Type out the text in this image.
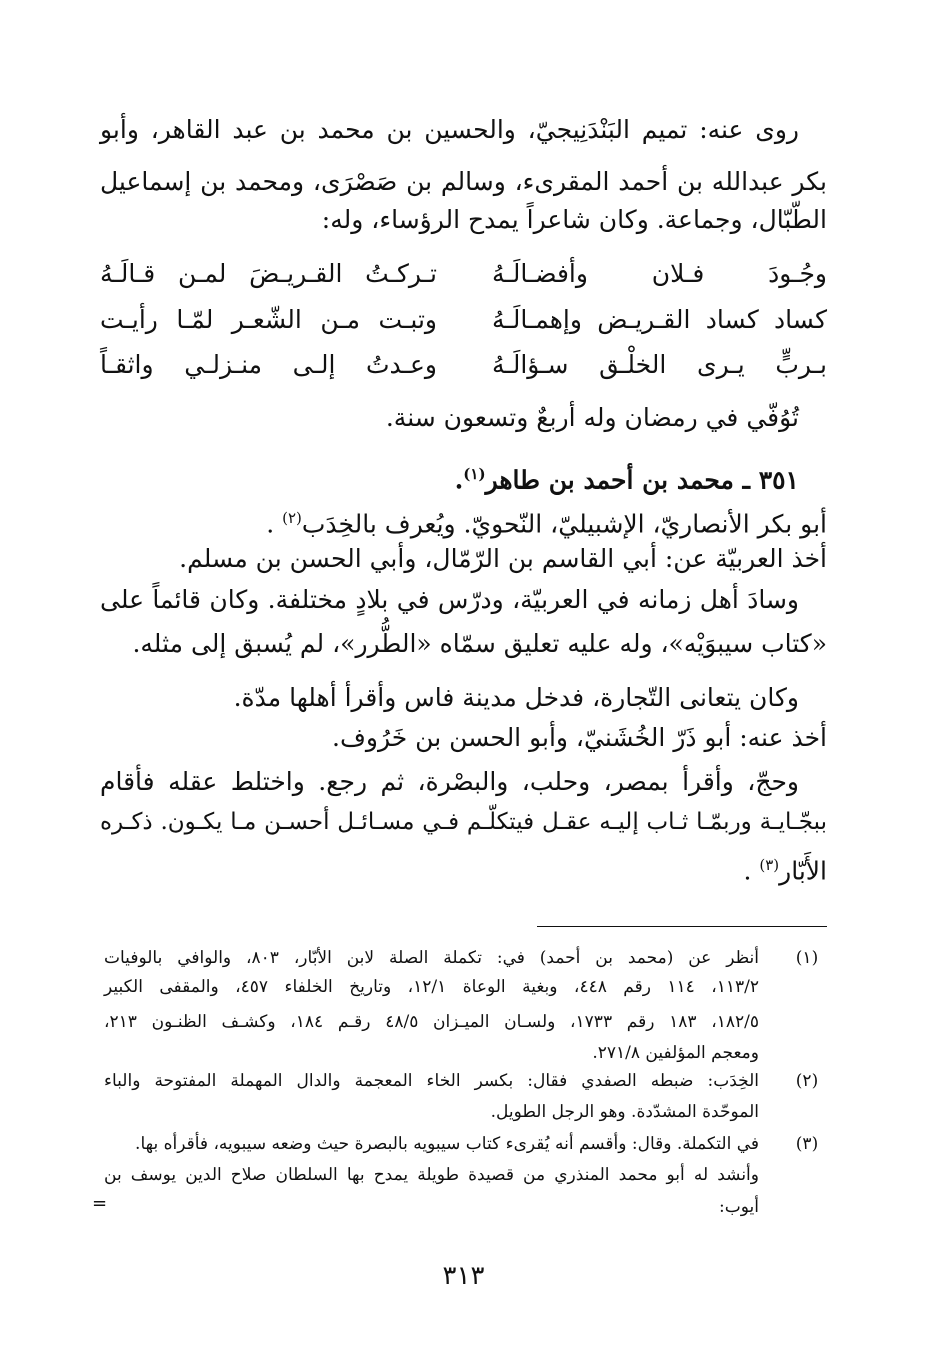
روى عنه: تميم البَنْدَنِيجيّ، والحسين بن محمد بن عبد القاهر، وأبو
بكر عبدالله بن أحمد المقرىء، وسالم بن صَصْرَى، ومحمد بن إسماعيل
الطّبّال، وجماعة. وكان شاعراً يمدح الرؤساء، وله:
تـركـتُ القـريـضَ لمـن قـالَـهُ وجُـودَ فـلان وأفضـالَـهُ
وتبـت مـن الشّعـر لمّـا رأيـت كساد كساد القـريـض وإهمـالَـهُ
وعـدتُ إلـى منـزلـي واثقـاً بـربٍّ يـرى الخلْـق سـؤالَـهُ
تُوُفّي في رمضان وله أربعٌ وتسعون سنة.
٣٥١ ـ محمد بن أحمد بن طاهر$^{(١)}$.
أبو بكر الأنصاريّ، الإشبيليّ، النّحويّ. ويُعرف بالخِدَب$^{(٢)}$ .
أخذ العربيّة عن: أبي القاسم بن الرّمّال، وأبي الحسن بن مسلم.
وسادَ أهل زمانه في العربيّة، ودرّس في بلادٍ مختلفة. وكان قائماً على
«كتاب سيبوَيْه»، وله عليه تعليق سمّاه «الطُّرر»، لم يُسبق إلى مثله.
وكان يتعانى التّجارة، فدخل مدينة فاس وأقرأ أهلها مدّة.
أخذ عنه: أبو ذَرّ الخُشَنيّ، وأبو الحسن بن خَرُوف.
وحجّ، وأقرأ بمصر، وحلب، والبصْرة، ثم رجع. واختلط عقله فأقام
ببجّـايـة وربمّـا ثـاب إليـه عقـل فيتكلّـم فـي مسـائـل أحسـن مـا يكـون. ذكـره
الأَبّار$^{(٣)}$ .
(١)
أنظر عن (محمد بن أحمد) في: تكملة الصلة لابن الأبّار، ٨٠٣، والوافي بالوفيات
١١٣/٢، ١١٤ رقم ٤٤٨، وبغية الوعاة ١٢/١، وتاريخ الخلفاء ٤٥٧، والمقفى الكبير
١٨٢/٥، ١٨٣ رقم ١٧٣٣، ولسـان الميـزان ٤٨/٥ رقـم ١٨٤، وكشـف الظنـون ٢١٣،
ومعجم المؤلفين ٢٧١/٨.
(٢)
الخِدَب: ضبطه الصفدي فقال: بكسر الخاء المعجمة والدال المهملة المفتوحة والباء
الموحّدة المشدّدة. وهو الرجل الطويل.
(٣)
في التكملة. وقال: وأقسم أنه يُقرىء كتاب سيبويه بالبصرة حيث وضعه سيبويه، فأقرأه بها.
وأنشد له أبو محمد المنذري من قصيدة طويلة يمدح بها السلطان صلاح الدين يوسف بن
أيوب:
=
٣١٣
